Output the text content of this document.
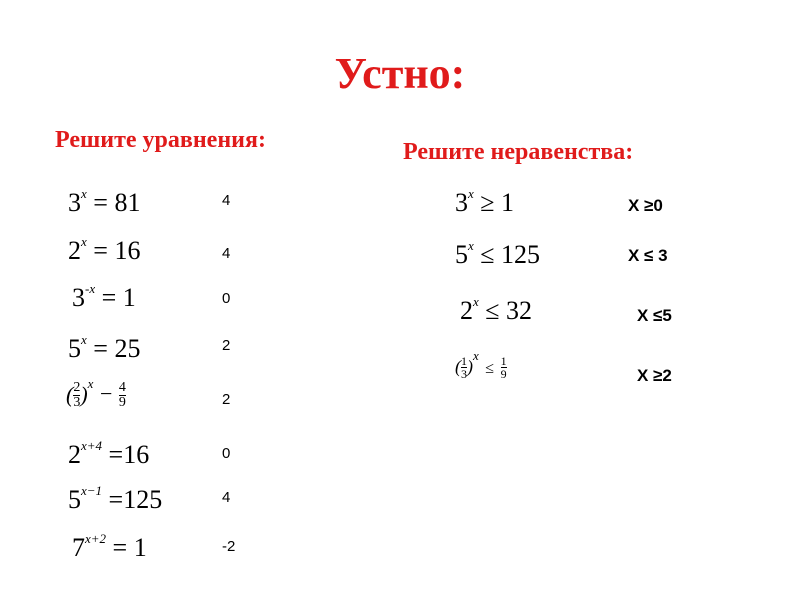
Устно:
Решите уравнения:	Решите неравенства:
$3^x = 81$	4
$2^x = 16$	4
$3^{-x} = 1$	0
$5^x = 25$	2
( $\frac{2}{3} )^x - \frac{4}{9}$	2
$2^{x+4} =16$	0
$5^{x-1} =125$	4
$7^{x+2} = 1$	-2
$3^x \ge 1$	X ≥0
$5^x \le 125$	X ≤ 3
$2^x \le 32$	X ≤5
( $\frac{1}{3} )^x \le \frac{1}{9}$	X ≥2
